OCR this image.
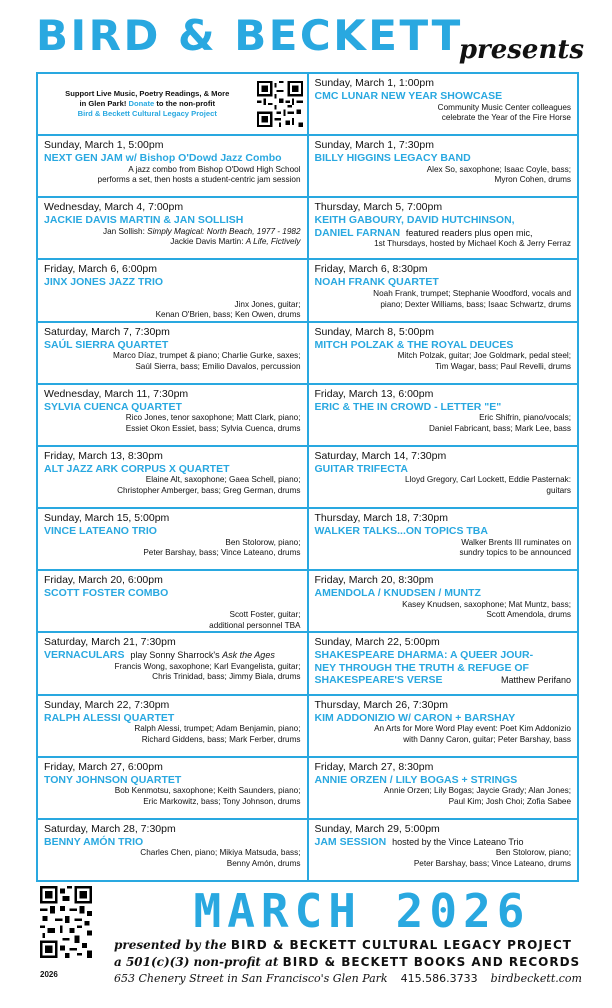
BIRD & BECKETT
presents
Support Live Music, Poetry Readings, & More
in Glen Park! Donate to the non-profit
Bird & Beckett Cultural Legacy Project
Sunday, March 1, 1:00pm
CMC LUNAR NEW YEAR SHOWCASE
Community Music Center colleagues
celebrate the Year of the Fire Horse
Sunday, March 1, 5:00pm
NEXT GEN JAM w/ Bishop O'Dowd Jazz Combo
A jazz combo from Bishop O'Dowd High School
performs a set, then hosts a student-centric jam session
Sunday, March 1, 7:30pm
BILLY HIGGINS LEGACY BAND
Alex So, saxophone; Isaac Coyle, bass;
Myron Cohen, drums
Wednesday, March 4, 7:00pm
JACKIE DAVIS MARTIN & JAN SOLLISH
Jan Sollish: Simply Magical: North Beach, 1977 - 1982
Jackie Davis Martin: A Life, Fictively
Thursday, March 5, 7:00pm
KEITH GABOURY, DAVID HUTCHINSON,
DANIEL FARNAN featured readers plus open mic,
1st Thursdays, hosted by Michael Koch & Jerry Ferraz
Friday, March 6, 6:00pm
JINX JONES JAZZ TRIO
Jinx Jones, guitar;
Kenan O'Brien, bass; Ken Owen, drums
Friday, March 6, 8:30pm
NOAH FRANK QUARTET
Noah Frank, trumpet; Stephanie Woodford, vocals and
piano; Dexter Williams, bass; Isaac Schwartz, drums
Saturday, March 7, 7:30pm
SAÚL SIERRA QUARTET
Marco Díaz, trumpet & piano; Charlie Gurke, saxes;
Saúl Sierra, bass; Emilio Davalos, percussion
Sunday, March 8, 5:00pm
MITCH POLZAK & THE ROYAL DEUCES
Mitch Polzak, guitar; Joe Goldmark, pedal steel;
Tim Wagar, bass; Paul Revelli, drums
Wednesday, March 11, 7:30pm
SYLVIA CUENCA QUARTET
Rico Jones, tenor saxophone; Matt Clark, piano;
Essiet Okon Essiet, bass; Sylvia Cuenca, drums
Friday, March 13, 6:00pm
ERIC & THE IN CROWD - LETTER "E"
Eric Shifrin, piano/vocals;
Daniel Fabricant, bass; Mark Lee, bass
Friday, March 13, 8:30pm
ALT JAZZ ARK CORPUS X QUARTET
Elaine Alt, saxophone; Gaea Schell, piano;
Christopher Amberger, bass; Greg German, drums
Saturday, March 14, 7:30pm
GUITAR TRIFECTA
Lloyd Gregory, Carl Lockett, Eddie Pasternak:
guitars
Sunday, March 15, 5:00pm
VINCE LATEANO TRIO
Ben Stolorow, piano;
Peter Barshay, bass; Vince Lateano, drums
Thursday, March 18, 7:30pm
WALKER TALKS...ON TOPICS TBA
Walker Brents III ruminates on
sundry topics to be announced
Friday, March 20, 6:00pm
SCOTT FOSTER COMBO
Scott Foster, guitar;
additional personnel TBA
Friday, March 20, 8:30pm
AMENDOLA / KNUDSEN / MUNTZ
Kasey Knudsen, saxophone; Mat Muntz, bass;
Scott Amendola, drums
Saturday, March 21, 7:30pm
VERNACULARS play Sonny Sharrock's Ask the Ages
Francis Wong, saxophone; Karl Evangelista, guitar;
Chris Trinidad, bass; Jimmy Biala, drums
Sunday, March 22, 5:00pm
SHAKESPEARE DHARMA: A QUEER JOUR-
NEY THROUGH THE TRUTH & REFUGE OF
SHAKESPEARE'S VERSE	Matthew Perifano
Sunday, March 22, 7:30pm
RALPH ALESSI QUARTET
Ralph Alessi, trumpet; Adam Benjamin, piano;
Richard Giddens, bass; Mark Ferber, drums
Thursday, March 26, 7:30pm
KIM ADDONIZIO W/ CARON + BARSHAY
An Arts for More Word Play event: Poet Kim Addonizio
with Danny Caron, guitar; Peter Barshay, bass
Friday, March 27, 6:00pm
TONY JOHNSON QUARTET
Bob Kenmotsu, saxophone; Keith Saunders, piano;
Eric Markowitz, bass; Tony Johnson, drums
Friday, March 27, 8:30pm
ANNIE ORZEN / LILY BOGAS + STRINGS
Annie Orzen; Lily Bogas; Jaycie Grady; Alan Jones;
Paul Kim; Josh Choi; Zofia Sabee
Saturday, March 28, 7:30pm
BENNY AMÓN TRIO
Charles Chen, piano; Mikiya Matsuda, bass;
Benny Amón, drums
Sunday, March 29, 5:00pm
JAM SESSION hosted by the Vince Lateano Trio
Ben Stolorow, piano;
Peter Barshay, bass; Vince Lateano, drums
2026
MARCH 2026
presented by the BIRD & BECKETT CULTURAL LEGACY PROJECT
a 501(c)(3) non-profit at BIRD & BECKETT BOOKS AND RECORDS
653 Chenery Street in San Francisco's Glen Park 415.586.3733 birdbeckett.com
